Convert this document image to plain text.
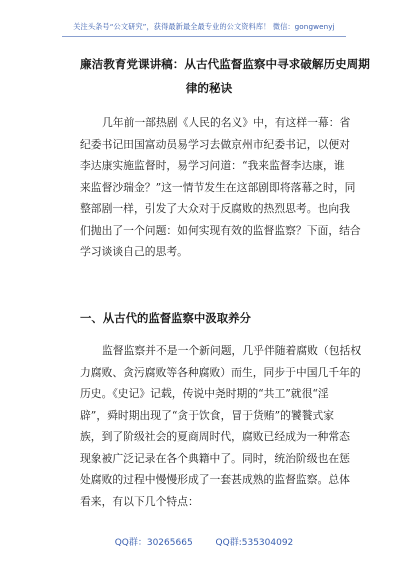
关注头条号“公文研究”，获得最新最全最专业的公文资料库！ 微信：gongwenyj
廉洁教育党课讲稿：从古代监督监察中寻求破解历史周期
律的秘诀
几年前一部热剧《人民的名义》中，有这样一幕：省
纪委书记田国富动员易学习去做京州市纪委书记，以便对
李达康实施监督时，易学习问道：“我来监督李达康，谁
来监督沙瑞金？”这一情节发生在这部剧即将落幕之时，同
整部剧一样，引发了大众对于反腐败的热烈思考。也向我
们抛出了一个问题：如何实现有效的监督监察？下面，结合
学习谈谈自己的思考。
一、从古代的监督监察中汲取养分
监督监察并不是一个新问题，几乎伴随着腐败（包括权
力腐败、贪污腐败等各种腐败）而生，同步于中国几千年的
历史。《史记》记载，传说中尧时期的“共工”就很“淫
辟”，舜时期出现了“贪于饮食，冒于货贿”的饕餮式家
族，到了阶级社会的夏商周时代，腐败已经成为一种常态
现象被广泛记录在各个典籍中了。同时，统治阶级也在惩
处腐败的过程中慢慢形成了一套甚成熟的监督监察。总体
看来，有以下几个特点：
QQ群：30265665	QQ群:535304092
